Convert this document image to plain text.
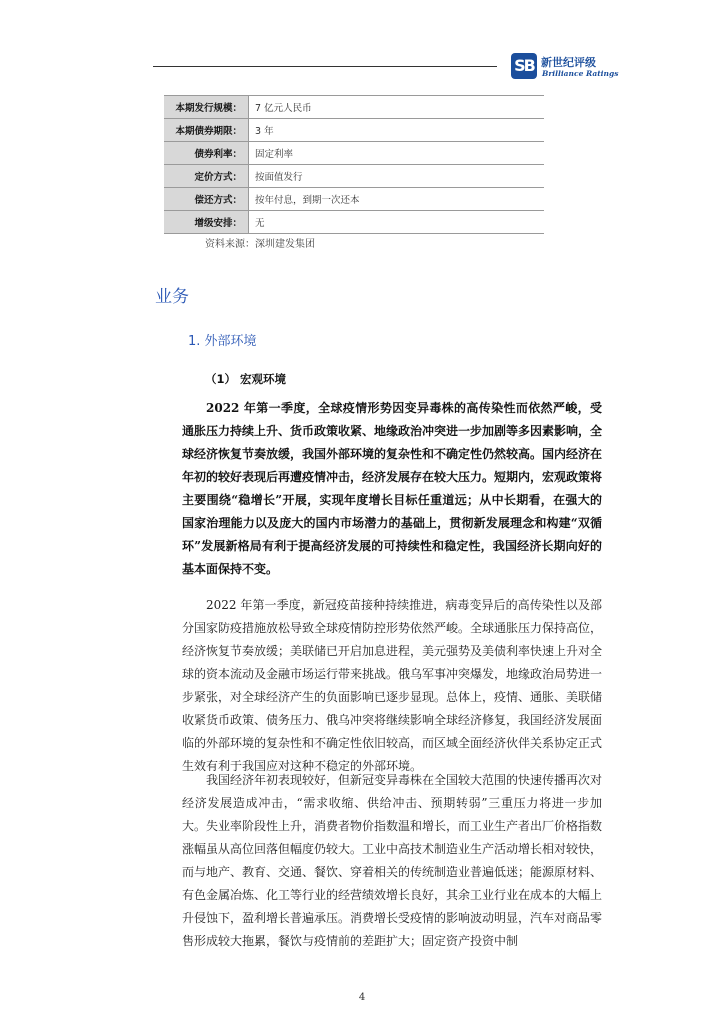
SB 新世纪评级
Brilliance Ratings
本期发行规模：	7 亿元人民币
本期债券期限：	3 年
债券利率：	固定利率
定价方式：	按面值发行
偿还方式：	按年付息，到期一次还本
增级安排：	无
资料来源：深圳建发集团
业务
1. 外部环境
（1） 宏观环境

2022 年第一季度，全球疫情形势因变异毒株的高传染性而依然严峻，受通胀压力持续上升、货币政策收紧、地缘政治冲突进一步加剧等多因素影响，全球经济恢复节奏放缓，我国外部环境的复杂性和不确定性仍然较高。国内经济在年初的较好表现后再遭疫情冲击，经济发展存在较大压力。短期内，宏观政策将主要围绕“稳增长”开展，实现年度增长目标任重道远；从中长期看，在强大的国家治理能力以及庞大的国内市场潜力的基础上，贯彻新发展理念和构建“双循环”发展新格局有利于提高经济发展的可持续性和稳定性，我国经济长期向好的基本面保持不变。

2022 年第一季度，新冠疫苗接种持续推进，病毒变异后的高传染性以及部分国家防疫措施放松导致全球疫情防控形势依然严峻。全球通胀压力保持高位，经济恢复节奏放缓；美联储已开启加息进程，美元强势及美债利率快速上升对全球的资本流动及金融市场运行带来挑战。俄乌军事冲突爆发，地缘政治局势进一步紧张，对全球经济产生的负面影响已逐步显现。总体上，疫情、通胀、美联储收紧货币政策、债务压力、俄乌冲突将继续影响全球经济修复，我国经济发展面临的外部环境的复杂性和不确定性依旧较高，而区域全面经济伙伴关系协定正式生效有利于我国应对这种不稳定的外部环境。

我国经济年初表现较好，但新冠变异毒株在全国较大范围的快速传播再次对经济发展造成冲击，“需求收缩、供给冲击、预期转弱”三重压力将进一步加大。失业率阶段性上升，消费者物价指数温和增长，而工业生产者出厂价格指数涨幅虽从高位回落但幅度仍较大。工业中高技术制造业生产活动增长相对较快，而与地产、教育、交通、餐饮、穿着相关的传统制造业普遍低迷；能源原材料、有色金属冶炼、化工等行业的经营绩效增长良好，其余工业行业在成本的大幅上升侵蚀下，盈利增长普遍承压。消费增长受疫情的影响波动明显，汽车对商品零售形成较大拖累，餐饮与疫情前的差距扩大；固定资产投资中制

4
